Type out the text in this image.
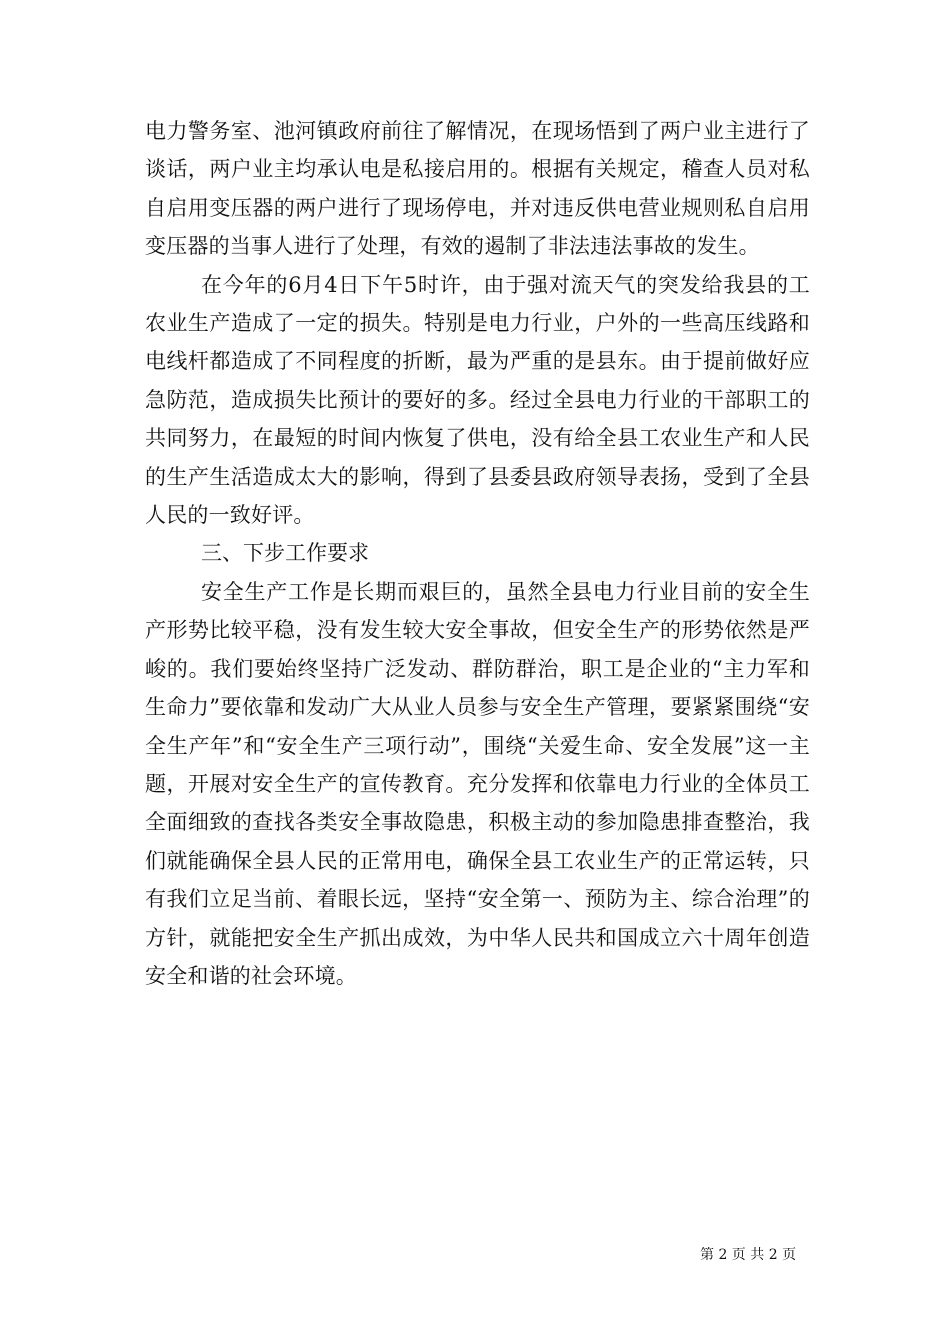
电力警务室、池河镇政府前往了解情况，在现场悟到了两户业主进行了谈话，两户业主均承认电是私接启用的。根据有关规定，稽查人员对私自启用变压器的两户进行了现场停电，并对违反供电营业规则私自启用变压器的当事人进行了处理，有效的遏制了非法违法事故的发生。

在今年的6月4日下午5时许，由于强对流天气的突发给我县的工农业生产造成了一定的损失。特别是电力行业，户外的一些高压线路和电线杆都造成了不同程度的折断，最为严重的是县东。由于提前做好应急防范，造成损失比预计的要好的多。经过全县电力行业的干部职工的共同努力，在最短的时间内恢复了供电，没有给全县工农业生产和人民的生产生活造成太大的影响，得到了县委县政府领导表扬，受到了全县人民的一致好评。

三、下步工作要求

安全生产工作是长期而艰巨的，虽然全县电力行业目前的安全生产形势比较平稳，没有发生较大安全事故，但安全生产的形势依然是严峻的。我们要始终坚持广泛发动、群防群治，职工是企业的“主力军和生命力”要依靠和发动广大从业人员参与安全生产管理，要紧紧围绕“安全生产年”和“安全生产三项行动”，围绕“关爱生命、安全发展”这一主题，开展对安全生产的宣传教育。充分发挥和依靠电力行业的全体员工全面细致的查找各类安全事故隐患，积极主动的参加隐患排查整治，我们就能确保全县人民的正常用电，确保全县工农业生产的正常运转，只有我们立足当前、着眼长远，坚持“安全第一、预防为主、综合治理”的方针，就能把安全生产抓出成效，为中华人民共和国成立六十周年创造安全和谐的社会环境。

第 2 页 共 2 页
